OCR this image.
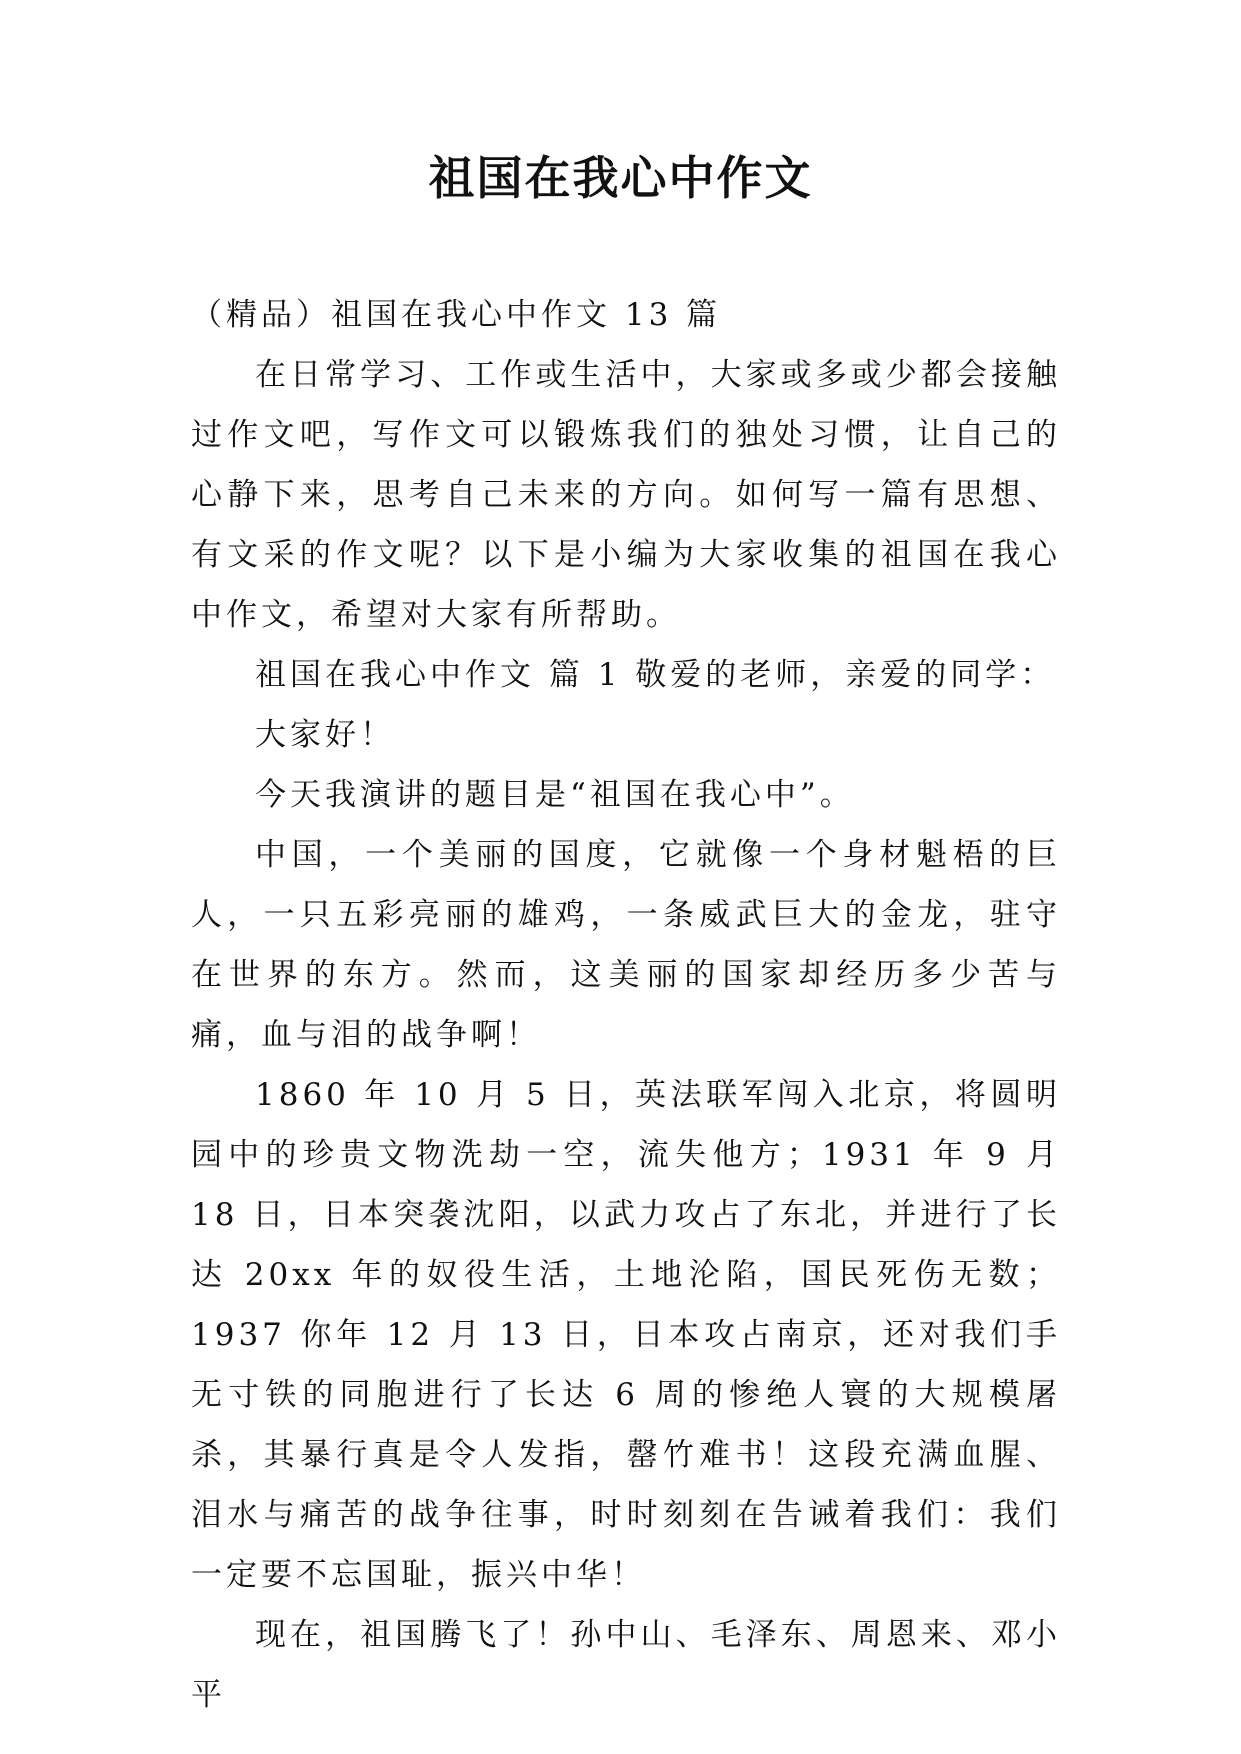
祖国在我心中作文

（精品）祖国在我心中作文 13 篇

在日常学习、工作或生活中，大家或多或少都会接触过作文吧，写作文可以锻炼我们的独处习惯，让自己的心静下来，思考自己未来的方向。如何写一篇有思想、有文采的作文呢？以下是小编为大家收集的祖国在我心中作文，希望对大家有所帮助。

祖国在我心中作文 篇 1 敬爱的老师，亲爱的同学：

大家好！

今天我演讲的题目是“祖国在我心中”。

中国，一个美丽的国度，它就像一个身材魁梧的巨人，一只五彩亮丽的雄鸡，一条威武巨大的金龙，驻守在世界的东方。然而，这美丽的国家却经历多少苦与痛，血与泪的战争啊！

1860 年 10 月 5 日，英法联军闯入北京，将圆明园中的珍贵文物洗劫一空，流失他方；1931 年 9 月 18 日，日本突袭沈阳，以武力攻占了东北，并进行了长达 20xx 年的奴役生活，土地沦陷，国民死伤无数；1937 你年 12 月 13 日，日本攻占南京，还对我们手无寸铁的同胞进行了长达 6 周的惨绝人寰的大规模屠杀，其暴行真是令人发指，罄竹难书！这段充满血腥、泪水与痛苦的战争往事，时时刻刻在告诫着我们：我们一定要不忘国耻，振兴中华！

现在，祖国腾飞了！孙中山、毛泽东、周恩来、邓小平
